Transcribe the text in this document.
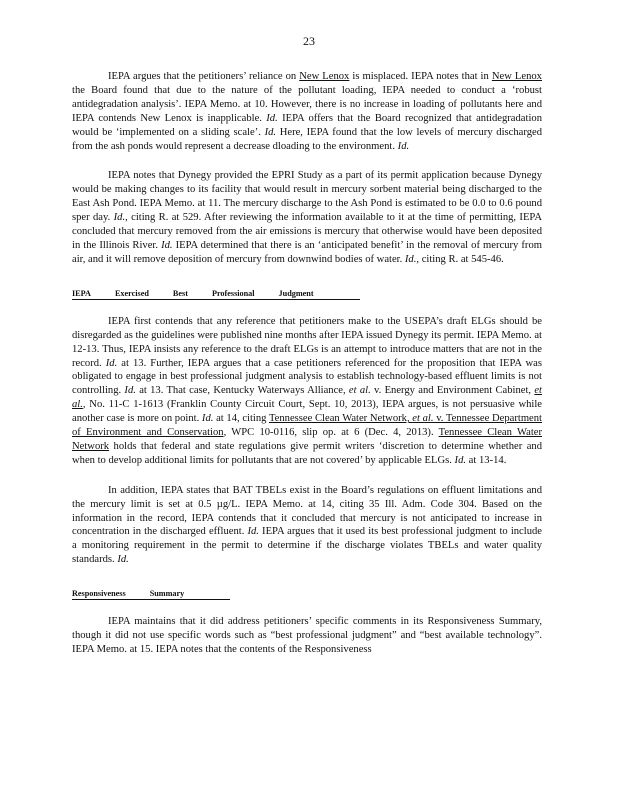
23

IEPA argues that the petitioners’ reliance on New Lenox is misplaced. IEPA notes that in New Lenox the Board found that due to the nature of the pollutant loading, IEPA needed to conduct a ‘robust antidegradation analysis’. IEPA Memo. at 10. However, there is no increase in loading of pollutants here and IEPA contends New Lenox is inapplicable. Id. IEPA offers that the Board recognized that antidegradation would be ‘implemented on a sliding scale’. Id. Here, IEPA found that the low levels of mercury discharged from the ash ponds would represent a decrease dloading to the environment. Id.

IEPA notes that Dynegy provided the EPRI Study as a part of its permit application because Dynegy would be making changes to its facility that would result in mercury sorbent material being discharged to the East Ash Pond. IEPA Memo. at 11. The mercury discharge to the Ash Pond is estimated to be 0.0 to 0.6 pound sper day. Id., citing R. at 529. After reviewing the information available to it at the time of permitting, IEPA concluded that mercury removed from the air emissions is mercury that otherwise would have been deposited in the Illinois River. Id. IEPA determined that there is an ‘anticipated benefit’ in the removal of mercury from air, and it will remove deposition of mercury from downwind bodies of water. Id., citing R. at 545-46.

IEPA	Exercised	Best	Professional	Judgment

IEPA first contends that any reference that petitioners make to the USEPA’s draft ELGs should be disregarded as the guidelines were published nine months after IEPA issued Dynegy its permit. IEPA Memo. at 12-13. Thus, IEPA insists any reference to the draft ELGs is an attempt to introduce matters that are not in the record. Id. at 13. Further, IEPA argues that a case petitioners referenced for the proposition that IEPA was obligated to engage in best professional judgment analysis to establish technology-based effluent limits is not controlling. Id. at 13. That case, Kentucky Waterways Alliance, et al. v. Energy and Environment Cabinet, et al., No. 11-C 1-1613 (Franklin County Circuit Court, Sept. 10, 2013), IEPA argues, is not persuasive while another case is more on point. Id. at 14, citing Tennessee Clean Water Network, et al. v. Tennessee Department of Environment and Conservation, WPC 10-0116, slip op. at 6 (Dec. 4, 2013). Tennessee Clean Water Network holds that federal and state regulations give permit writers ‘discretion to determine whether and when to develop additional limits for pollutants that are not covered’ by applicable ELGs. Id. at 13-14.

In addition, IEPA states that BAT TBELs exist in the Board’s regulations on effluent limitations and the mercury limit is set at 0.5 µg/L. IEPA Memo. at 14, citing 35 Ill. Adm. Code 304. Based on the information in the record, IEPA contends that it concluded that mercury is not anticipated to increase in concentration in the discharged effluent. Id. IEPA argues that it used its best professional judgment to include a monitoring requirement in the permit to determine if the discharge violates TBELs and water quality standards. Id.

Responsiveness	Summary

IEPA maintains that it did address petitioners’ specific comments in its Responsiveness Summary, though it did not use specific words such as “best professional judgment” and “best available technology”. IEPA Memo. at 15. IEPA notes that the contents of the Responsiveness
